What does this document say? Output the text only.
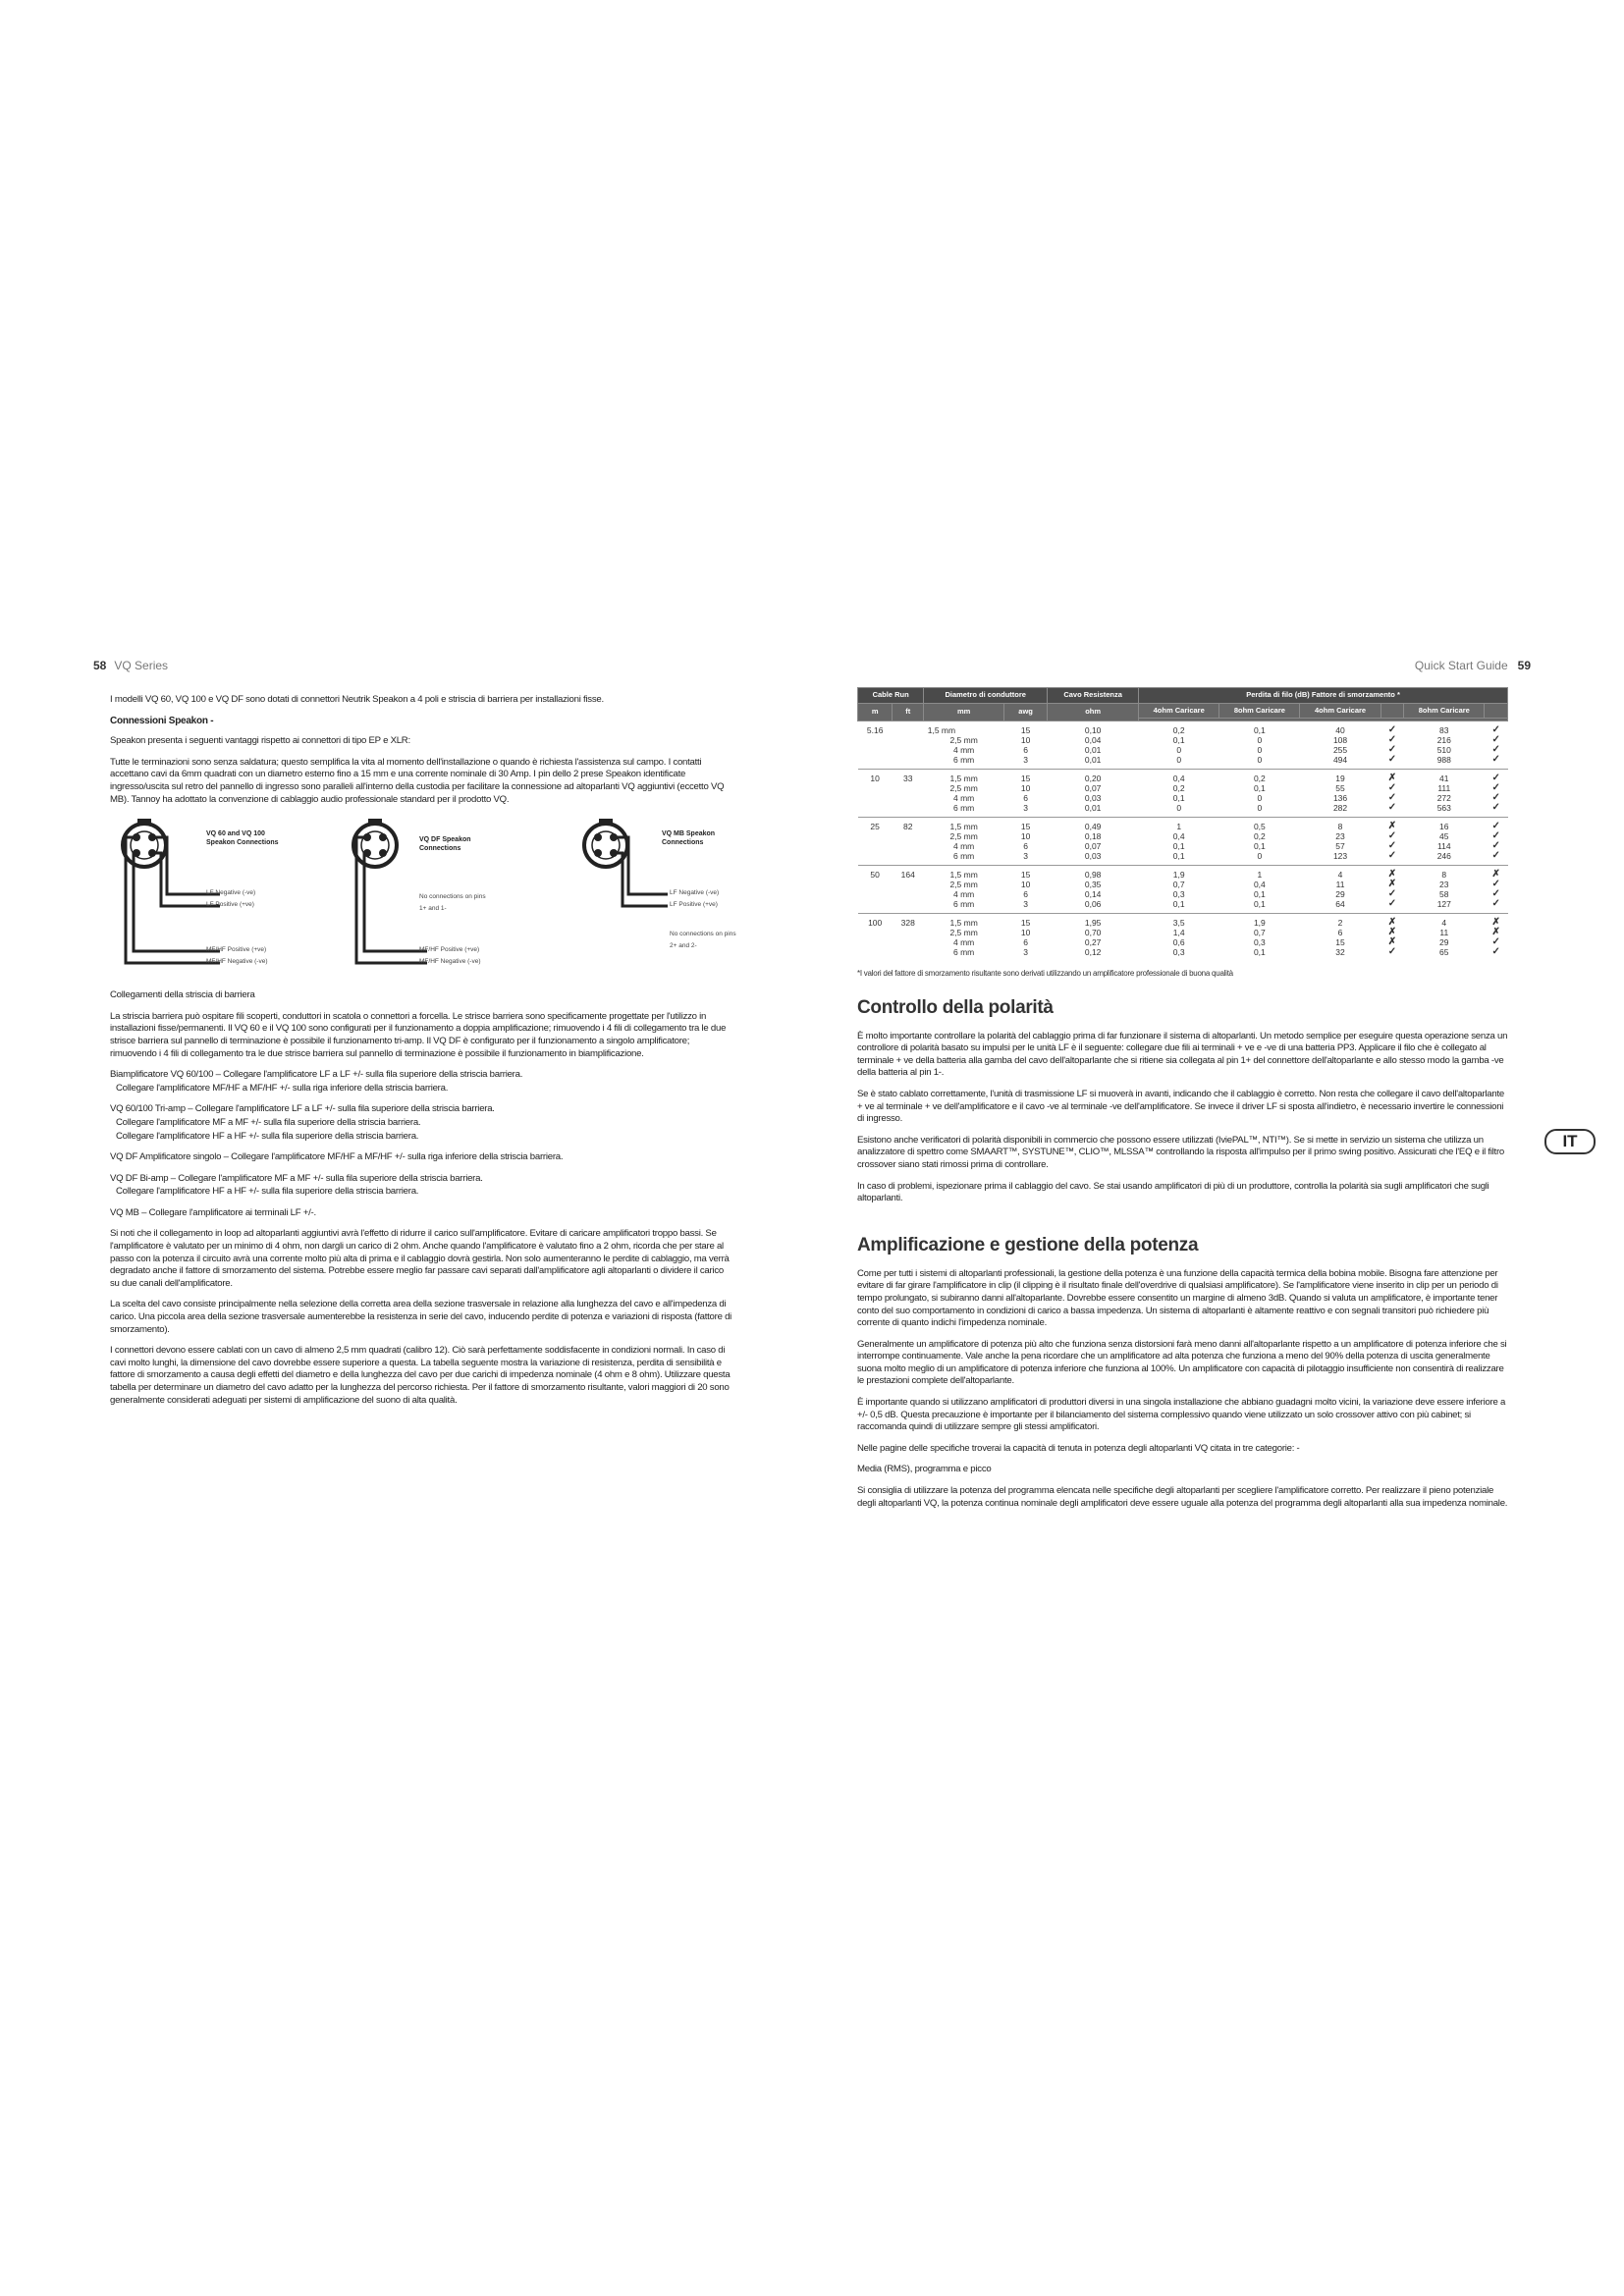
58 VQ Series	Quick Start Guide 59

I modelli VQ 60, VQ 100 e VQ DF sono dotati di connettori Neutrik Speakon a 4 poli e striscia di barriera per installazioni fisse.

Connessioni Speakon -

Speakon presenta i seguenti vantaggi rispetto ai connettori di tipo EP e XLR:

Tutte le terminazioni sono senza saldatura; questo semplifica la vita al momento dell'installazione o quando è richiesta l'assistenza sul campo. I contatti accettano cavi da 6mm quadrati con un diametro esterno fino a 15 mm e una corrente nominale di 30 Amp. I pin dello 2 prese Speakon identificate ingresso/uscita sul retro del pannello di ingresso sono paralleli all'interno della custodia per facilitare la connessione ad altoparlanti VQ aggiuntivi (eccetto VQ MB). Tannoy ha adottato la convenzione di cablaggio audio professionale standard per il prodotto VQ.

VQ 60 and VQ 100
Speakon Connections
LF Negative (-ve)
LF Positive (+ve)
MF/HF Positive (+ve)
MF/HF Negative (-ve)
VQ DF Speakon
Connections
No connections on pins
1+ and 1-
MF/HF Positive (+ve)
MF/HF Negative (-ve)
VQ MB Speakon
Connections
LF Negative (-ve)
LF Positive (+ve)
No connections on pins
2+ and 2-

Collegamenti della striscia di barriera

La striscia barriera può ospitare fili scoperti, conduttori in scatola o connettori a forcella. Le strisce barriera sono specificamente progettate per l'utilizzo in installazioni fisse/permanenti. Il VQ 60 e il VQ 100 sono configurati per il funzionamento a doppia amplificazione; rimuovendo i 4 fili di collegamento tra le due strisce barriera sul pannello di terminazione è possibile il funzionamento tri-amp. Il VQ DF è configurato per il funzionamento a singolo amplificatore; rimuovendo i 4 fili di collegamento tra le due strisce barriera sul pannello di terminazione è possibile il funzionamento in biamplificazione.

Biamplificatore VQ 60/100 – Collegare l'amplificatore LF a LF +/- sulla fila superiore della striscia barriera.

Collegare l'amplificatore MF/HF a MF/HF +/- sulla riga inferiore della striscia barriera.

VQ 60/100 Tri-amp – Collegare l'amplificatore LF a LF +/- sulla fila superiore della striscia barriera.

Collegare l'amplificatore MF a MF +/- sulla fila superiore della striscia barriera.

Collegare l'amplificatore HF a HF +/- sulla fila superiore della striscia barriera.

VQ DF Amplificatore singolo – Collegare l'amplificatore MF/HF a MF/HF +/- sulla riga inferiore della striscia barriera.

VQ DF Bi-amp – Collegare l'amplificatore MF a MF +/- sulla fila superiore della striscia barriera.

Collegare l'amplificatore HF a HF +/- sulla fila superiore della striscia barriera.

VQ MB – Collegare l'amplificatore ai terminali LF +/-.

Si noti che il collegamento in loop ad altoparlanti aggiuntivi avrà l'effetto di ridurre il carico sull'amplificatore. Evitare di caricare amplificatori troppo bassi. Se l'amplificatore è valutato per un minimo di 4 ohm, non dargli un carico di 2 ohm. Anche quando l'amplificatore è valutato fino a 2 ohm, ricorda che per stare al passo con la potenza il circuito avrà una corrente molto più alta di prima e il cablaggio dovrà gestirla. Non solo aumenteranno le perdite di cablaggio, ma verrà degradato anche il fattore di smorzamento del sistema. Potrebbe essere meglio far passare cavi separati dall'amplificatore agli altoparlanti o dividere il carico su due canali dell'amplificatore.

La scelta del cavo consiste principalmente nella selezione della corretta area della sezione trasversale in relazione alla lunghezza del cavo e all'impedenza di carico. Una piccola area della sezione trasversale aumenterebbe la resistenza in serie del cavo, inducendo perdite di potenza e variazioni di risposta (fattore di smorzamento).

I connettori devono essere cablati con un cavo di almeno 2,5 mm quadrati (calibro 12). Ciò sarà perfettamente soddisfacente in condizioni normali. In caso di cavi molto lunghi, la dimensione del cavo dovrebbe essere superiore a questa. La tabella seguente mostra la variazione di resistenza, perdita di sensibilità e fattore di smorzamento a causa degli effetti del diametro e della lunghezza del cavo per due carichi di impedenza nominale (4 ohm e 8 ohm). Utilizzare questa tabella per determinare un diametro del cavo adatto per la lunghezza del percorso richiesta. Per il fattore di smorzamento risultante, valori maggiori di 20 sono generalmente considerati adeguati per sistemi di amplificazione del suono di alta qualità.

Cable Run		Diametro di conduttore		Cavo Resistenza	Perdita di filo (dB) Fattore di smorzamento *					
m	ft	mm	awg	ohm	4ohm Caricare	8ohm Caricare	4ohm Caricare		8ohm Caricare	

5.16		1,5 mm	15	0,10	0,2	0,1	40	✓	83	✓
		2,5 mm	10	0,04	0,1	0	108	✓	216	✓
		4 mm	6	0,01	0	0	255	✓	510	✓
		6 mm	3	0,01	0	0	494	✓	988	✓
10	33	1,5 mm	15	0,20	0,4	0,2	19	✗	41	✓
		2,5 mm	10	0,07	0,2	0,1	55	✓	111	✓
		4 mm	6	0,03	0,1	0	136	✓	272	✓
		6 mm	3	0,01	0	0	282	✓	563	✓
25	82	1,5 mm	15	0,49	1	0,5	8	✗	16	✓
		2,5 mm	10	0,18	0,4	0,2	23	✓	45	✓
		4 mm	6	0,07	0,1	0,1	57	✓	114	✓
		6 mm	3	0,03	0,1	0	123	✓	246	✓
50	164	1,5 mm	15	0,98	1,9	1	4	✗	8	✗
		2,5 mm	10	0,35	0,7	0,4	11	✗	23	✓
		4 mm	6	0,14	0,3	0,1	29	✓	58	✓
		6 mm	3	0,06	0,1	0,1	64	✓	127	✓
100	328	1,5 mm	15	1,95	3,5	1,9	2	✗	4	✗
		2,5 mm	10	0,70	1,4	0,7	6	✗	11	✗
		4 mm	6	0,27	0,6	0,3	15	✗	29	✓
		6 mm	3	0,12	0,3	0,1	32	✓	65	✓

*I valori del fattore di smorzamento risultante sono derivati utilizzando un amplificatore professionale di buona qualità

Controllo della polarità

È molto importante controllare la polarità del cablaggio prima di far funzionare il sistema di altoparlanti. Un metodo semplice per eseguire questa operazione senza un controllore di polarità basato su impulsi per le unità LF è il seguente: collegare due fili ai terminali + ve e -ve di una batteria PP3. Applicare il filo che è collegato al terminale + ve della batteria alla gamba del cavo dell'altoparlante che si ritiene sia collegata al pin 1+ del connettore dell'altoparlante e allo stesso modo la gamba -ve della batteria al pin 1-.

Se è stato cablato correttamente, l'unità di trasmissione LF si muoverà in avanti, indicando che il cablaggio è corretto. Non resta che collegare il cavo dell'altoparlante + ve al terminale + ve dell'amplificatore e il cavo -ve al terminale -ve dell'amplificatore. Se invece il driver LF si sposta all'indietro, è necessario invertire le connessioni di ingresso.

Esistono anche verificatori di polarità disponibili in commercio che possono essere utilizzati (IviePAL™, NTI™). Se si mette in servizio un sistema che utilizza un analizzatore di spettro come SMAART™, SYSTUNE™, CLIO™, MLSSA™ controllando la risposta all'impulso per il primo swing positivo. Assicurati che l'EQ e il filtro crossover siano stati rimossi prima di controllare.

In caso di problemi, ispezionare prima il cablaggio del cavo. Se stai usando amplificatori di più di un produttore, controlla la polarità sia sugli amplificatori che sugli altoparlanti.

Amplificazione e gestione della potenza

Come per tutti i sistemi di altoparlanti professionali, la gestione della potenza è una funzione della capacità termica della bobina mobile. Bisogna fare attenzione per evitare di far girare l'amplificatore in clip (il clipping è il risultato finale dell'overdrive di qualsiasi amplificatore). Se l'amplificatore viene inserito in clip per un periodo di tempo prolungato, si subiranno danni all'altoparlante. Dovrebbe essere consentito un margine di almeno 3dB. Quando si valuta un amplificatore, è importante tener conto del suo comportamento in condizioni di carico a bassa impedenza. Un sistema di altoparlanti è altamente reattivo e con segnali transitori può richiedere più corrente di quanto indichi l'impedenza nominale.

Generalmente un amplificatore di potenza più alto che funziona senza distorsioni farà meno danni all'altoparlante rispetto a un amplificatore di potenza inferiore che si interrompe continuamente. Vale anche la pena ricordare che un amplificatore ad alta potenza che funziona a meno del 90% della potenza di uscita generalmente suona molto meglio di un amplificatore di potenza inferiore che funziona al 100%. Un amplificatore con capacità di pilotaggio insufficiente non consentirà di realizzare le prestazioni complete dell'altoparlante.

È importante quando si utilizzano amplificatori di produttori diversi in una singola installazione che abbiano guadagni molto vicini, la variazione deve essere inferiore a +/- 0,5 dB. Questa precauzione è importante per il bilanciamento del sistema complessivo quando viene utilizzato un solo crossover attivo con più cabinet; si raccomanda quindi di utilizzare sempre gli stessi amplificatori.

Nelle pagine delle specifiche troverai la capacità di tenuta in potenza degli altoparlanti VQ citata in tre categorie: -

Media (RMS), programma e picco

Si consiglia di utilizzare la potenza del programma elencata nelle specifiche degli altoparlanti per scegliere l'amplificatore corretto. Per realizzare il pieno potenziale degli altoparlanti VQ, la potenza continua nominale degli amplificatori deve essere uguale alla potenza del programma degli altoparlanti alla sua impedenza nominale.

IT
